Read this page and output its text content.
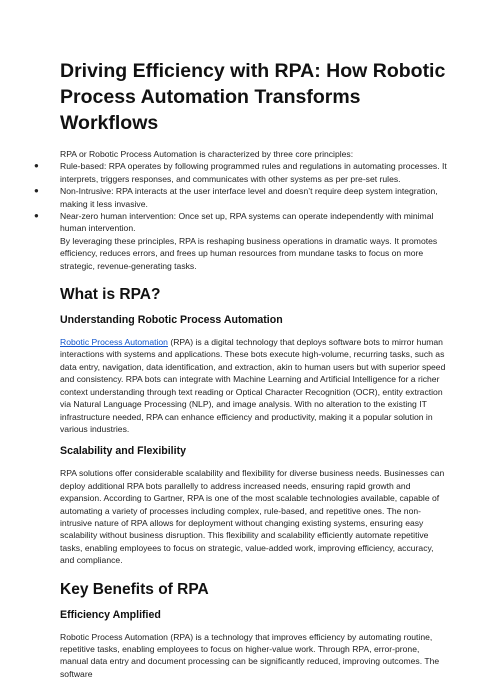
Driving Efficiency with RPA: How Robotic Process Automation Transforms Workflows

RPA or Robotic Process Automation is characterized by three core principles:

● Rule-based: RPA operates by following programmed rules and regulations in automating processes. It interprets, triggers responses, and communicates with other systems as per pre-set rules.
● Non-Intrusive: RPA interacts at the user interface level and doesn’t require deep system integration, making it less invasive.
● Near-zero human intervention: Once set up, RPA systems can operate independently with minimal human intervention.

By leveraging these principles, RPA is reshaping business operations in dramatic ways. It promotes efficiency, reduces errors, and frees up human resources from mundane tasks to focus on more strategic, revenue-generating tasks.

What is RPA?
Understanding Robotic Process Automation

Robotic Process Automation (RPA) is a digital technology that deploys software bots to mirror human interactions with systems and applications. These bots execute high-volume, recurring tasks, such as data entry, navigation, data identification, and extraction, akin to human users but with superior speed and consistency. RPA bots can integrate with Machine Learning and Artificial Intelligence for a richer context understanding through text reading or Optical Character Recognition (OCR), entity extraction via Natural Language Processing (NLP), and image analysis. With no alteration to the existing IT infrastructure needed, RPA can enhance efficiency and productivity, making it a popular solution in various industries.

Scalability and Flexibility

RPA solutions offer considerable scalability and flexibility for diverse business needs. Businesses can deploy additional RPA bots parallelly to address increased needs, ensuring rapid growth and expansion. According to Gartner, RPA is one of the most scalable technologies available, capable of automating a variety of processes including complex, rule-based, and repetitive ones. The non-intrusive nature of RPA allows for deployment without changing existing systems, ensuring easy scalability without business disruption. This flexibility and scalability efficiently automate repetitive tasks, enabling employees to focus on strategic, value-added work, improving efficiency, accuracy, and compliance.

Key Benefits of RPA
Efficiency Amplified

Robotic Process Automation (RPA) is a technology that improves efficiency by automating routine, repetitive tasks, enabling employees to focus on higher-value work. Through RPA, error-prone, manual data entry and document processing can be significantly reduced, improving outcomes. The software
